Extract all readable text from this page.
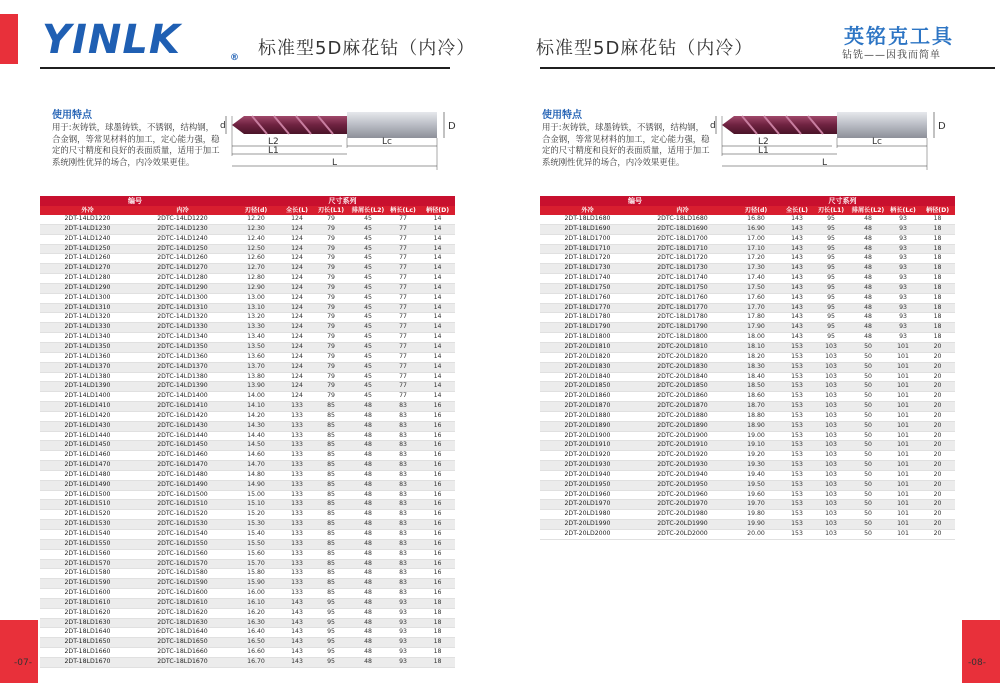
YINLK	® 标准型5D麻花钻（内冷）	标准型5D麻花钻（内冷）
英铭克工具
钻铣——因我而简单
使用特点

用于:灰铸铁，球墨铸铁，不锈钢，结构钢，合金钢，等常见材料的加工，定心能力强，稳定的尺寸精度和良好的表面质量，适用于加工系统刚性优异的场合，内冷效果更佳。

使用特点

用于:灰铸铁，球墨铸铁，不锈钢，结构钢，合金钢，等常见材料的加工，定心能力强，稳定的尺寸精度和良好的表面质量，适用于加工系统刚性优异的场合，内冷效果更佳。

d	D
L2
L1
Lc
L
d	D
L2
L1
Lc
L
编号		尺寸系列					
外冷	内冷	刃径(d)	全长(L)	刃长(L1)	排屑长(L2)	柄长(Lc)	柄径(D)
2DT-14LD1220	2DTC-14LD1220	12.20	124	79	45	77	14
2DT-14LD1230	2DTC-14LD1230	12.30	124	79	45	77	14
2DT-14LD1240	2DTC-14LD1240	12.40	124	79	45	77	14
2DT-14LD1250	2DTC-14LD1250	12.50	124	79	45	77	14
2DT-14LD1260	2DTC-14LD1260	12.60	124	79	45	77	14
2DT-14LD1270	2DTC-14LD1270	12.70	124	79	45	77	14
2DT-14LD1280	2DTC-14LD1280	12.80	124	79	45	77	14
2DT-14LD1290	2DTC-14LD1290	12.90	124	79	45	77	14
2DT-14LD1300	2DTC-14LD1300	13.00	124	79	45	77	14
2DT-14LD1310	2DTC-14LD1310	13.10	124	79	45	77	14
2DT-14LD1320	2DTC-14LD1320	13.20	124	79	45	77	14
2DT-14LD1330	2DTC-14LD1330	13.30	124	79	45	77	14
2DT-14LD1340	2DTC-14LD1340	13.40	124	79	45	77	14
2DT-14LD1350	2DTC-14LD1350	13.50	124	79	45	77	14
2DT-14LD1360	2DTC-14LD1360	13.60	124	79	45	77	14
2DT-14LD1370	2DTC-14LD1370	13.70	124	79	45	77	14
2DT-14LD1380	2DTC-14LD1380	13.80	124	79	45	77	14
2DT-14LD1390	2DTC-14LD1390	13.90	124	79	45	77	14
2DT-14LD1400	2DTC-14LD1400	14.00	124	79	45	77	14
2DT-16LD1410	2DTC-16LD1410	14.10	133	85	48	83	16
2DT-16LD1420	2DTC-16LD1420	14.20	133	85	48	83	16
2DT-16LD1430	2DTC-16LD1430	14.30	133	85	48	83	16
2DT-16LD1440	2DTC-16LD1440	14.40	133	85	48	83	16
2DT-16LD1450	2DTC-16LD1450	14.50	133	85	48	83	16
2DT-16LD1460	2DTC-16LD1460	14.60	133	85	48	83	16
2DT-16LD1470	2DTC-16LD1470	14.70	133	85	48	83	16
2DT-16LD1480	2DTC-16LD1480	14.80	133	85	48	83	16
2DT-16LD1490	2DTC-16LD1490	14.90	133	85	48	83	16
2DT-16LD1500	2DTC-16LD1500	15.00	133	85	48	83	16
2DT-16LD1510	2DTC-16LD1510	15.10	133	85	48	83	16
2DT-16LD1520	2DTC-16LD1520	15.20	133	85	48	83	16
2DT-16LD1530	2DTC-16LD1530	15.30	133	85	48	83	16
2DT-16LD1540	2DTC-16LD1540	15.40	133	85	48	83	16
2DT-16LD1550	2DTC-16LD1550	15.50	133	85	48	83	16
2DT-16LD1560	2DTC-16LD1560	15.60	133	85	48	83	16
2DT-16LD1570	2DTC-16LD1570	15.70	133	85	48	83	16
2DT-16LD1580	2DTC-16LD1580	15.80	133	85	48	83	16
2DT-16LD1590	2DTC-16LD1590	15.90	133	85	48	83	16
2DT-16LD1600	2DTC-16LD1600	16.00	133	85	48	83	16
2DT-18LD1610	2DTC-18LD1610	16.10	143	95	48	93	18
2DT-18LD1620	2DTC-18LD1620	16.20	143	95	48	93	18
2DT-18LD1630	2DTC-18LD1630	16.30	143	95	48	93	18
2DT-18LD1640	2DTC-18LD1640	16.40	143	95	48	93	18
2DT-18LD1650	2DTC-18LD1650	16.50	143	95	48	93	18
2DT-18LD1660	2DTC-18LD1660	16.60	143	95	48	93	18
2DT-18LD1670	2DTC-18LD1670	16.70	143	95	48	93	18
编号		尺寸系列					
外冷	内冷	刃径(d)	全长(L)	刃长(L1)	排屑长(L2)	柄长(Lc)	柄径(D)
2DT-18LD1680	2DTC-18LD1680	16.80	143	95	48	93	18
2DT-18LD1690	2DTC-18LD1690	16.90	143	95	48	93	18
2DT-18LD1700	2DTC-18LD1700	17.00	143	95	48	93	18
2DT-18LD1710	2DTC-18LD1710	17.10	143	95	48	93	18
2DT-18LD1720	2DTC-18LD1720	17.20	143	95	48	93	18
2DT-18LD1730	2DTC-18LD1730	17.30	143	95	48	93	18
2DT-18LD1740	2DTC-18LD1740	17.40	143	95	48	93	18
2DT-18LD1750	2DTC-18LD1750	17.50	143	95	48	93	18
2DT-18LD1760	2DTC-18LD1760	17.60	143	95	48	93	18
2DT-18LD1770	2DTC-18LD1770	17.70	143	95	48	93	18
2DT-18LD1780	2DTC-18LD1780	17.80	143	95	48	93	18
2DT-18LD1790	2DTC-18LD1790	17.90	143	95	48	93	18
2DT-18LD1800	2DTC-18LD1800	18.00	143	95	48	93	18
2DT-20LD1810	2DTC-20LD1810	18.10	153	103	50	101	20
2DT-20LD1820	2DTC-20LD1820	18.20	153	103	50	101	20
2DT-20LD1830	2DTC-20LD1830	18.30	153	103	50	101	20
2DT-20LD1840	2DTC-20LD1840	18.40	153	103	50	101	20
2DT-20LD1850	2DTC-20LD1850	18.50	153	103	50	101	20
2DT-20LD1860	2DTC-20LD1860	18.60	153	103	50	101	20
2DT-20LD1870	2DTC-20LD1870	18.70	153	103	50	101	20
2DT-20LD1880	2DTC-20LD1880	18.80	153	103	50	101	20
2DT-20LD1890	2DTC-20LD1890	18.90	153	103	50	101	20
2DT-20LD1900	2DTC-20LD1900	19.00	153	103	50	101	20
2DT-20LD1910	2DTC-20LD1910	19.10	153	103	50	101	20
2DT-20LD1920	2DTC-20LD1920	19.20	153	103	50	101	20
2DT-20LD1930	2DTC-20LD1930	19.30	153	103	50	101	20
2DT-20LD1940	2DTC-20LD1940	19.40	153	103	50	101	20
2DT-20LD1950	2DTC-20LD1950	19.50	153	103	50	101	20
2DT-20LD1960	2DTC-20LD1960	19.60	153	103	50	101	20
2DT-20LD1970	2DTC-20LD1970	19.70	153	103	50	101	20
2DT-20LD1980	2DTC-20LD1980	19.80	153	103	50	101	20
2DT-20LD1990	2DTC-20LD1990	19.90	153	103	50	101	20
2DT-20LD2000	2DTC-20LD2000	20.00	153	103	50	101	20
-07-	-08-
